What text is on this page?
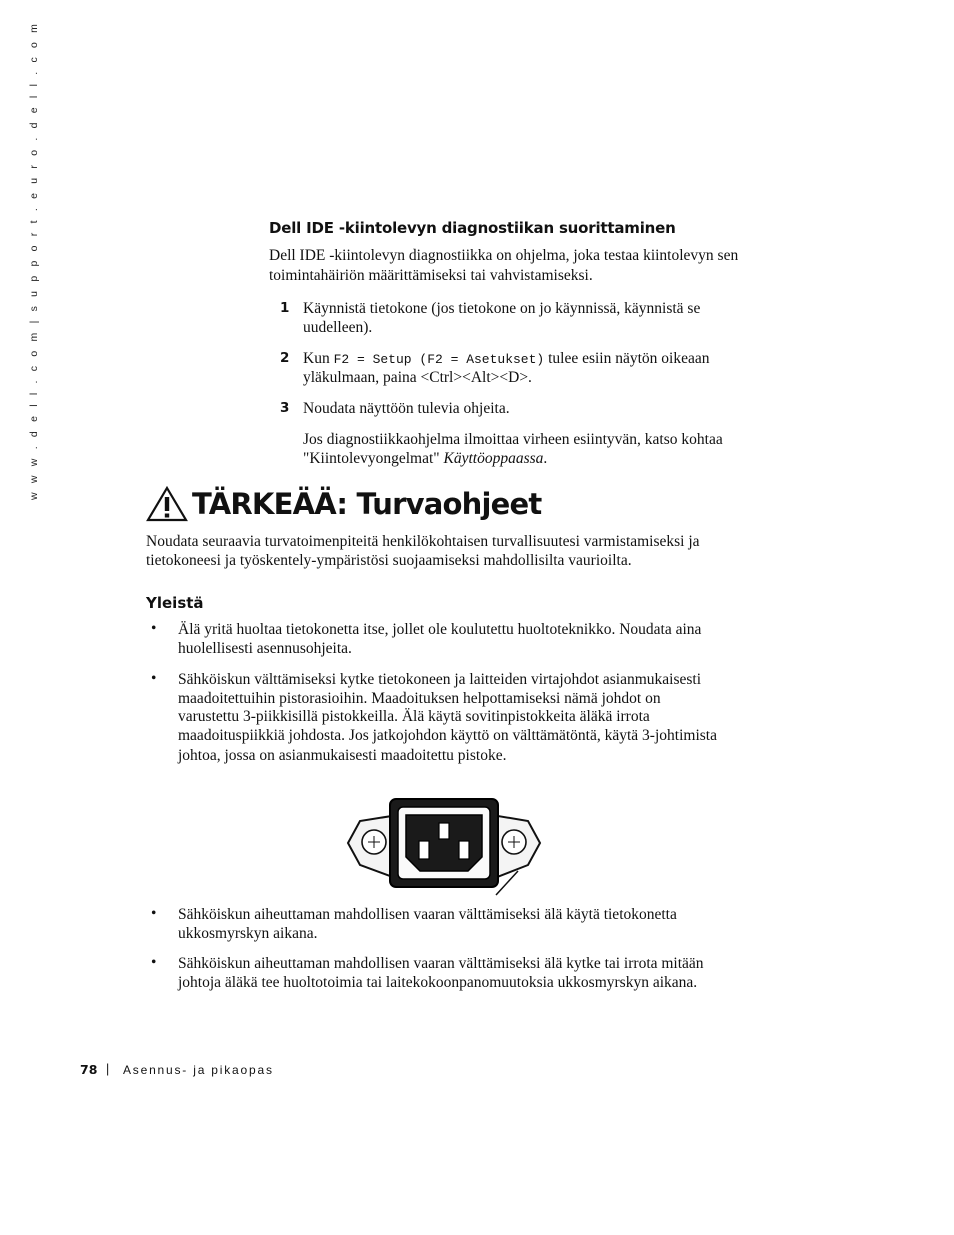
w w w . d e l l . c o m | s u p p o r t . e u r o . d e l l . c o m	Dell IDE -kiintolevyn diagnostiikan suorittaminen
Dell IDE -kiintolevyn diagnostiikka on ohjelma, joka testaa kiintolevyn sen
toimintahäiriön määrittämiseksi tai vahvistamiseksi.
1 Käynnistä tietokone (jos tietokone on jo käynnissä, käynnistä se
uudelleen).
2 Kun F2 = Setup (F2 = Asetukset) tulee esiin näytön oikeaan
yläkulmaan, paina <Ctrl><Alt><D>.
3 Noudata näyttöön tulevia ohjeita.
Jos diagnostiikkaohjelma ilmoittaa virheen esiintyvän, katso kohtaa
"Kiintolevyongelmat" Käyttöoppaassa.
TÄRKEÄÄ: Turvaohjeet
Noudata seuraavia turvatoimenpiteitä henkilökohtaisen turvallisuutesi varmistamiseksi ja
tietokoneesi ja työskentely-ympäristösi suojaamiseksi mahdollisilta vaurioilta.
Yleistä
• Älä yritä huoltaa tietokonetta itse, jollet ole koulutettu huoltoteknikko. Noudata aina
huolellisesti asennusohjeita.
• Sähköiskun välttämiseksi kytke tietokoneen ja laitteiden virtajohdot asianmukaisesti
maadoitettuihin pistorasioihin. Maadoituksen helpottamiseksi nämä johdot on
varustettu 3-piikkisillä pistokkeilla. Älä käytä sovitinpistokkeita äläkä irrota
maadoituspiikkiä johdosta. Jos jatkojohdon käyttö on välttämätöntä, käytä 3-johtimista
johtoa, jossa on asianmukaisesti maadoitettu pistoke.
• Sähköiskun aiheuttaman mahdollisen vaaran välttämiseksi älä käytä tietokonetta
ukkosmyrskyn aikana.
• Sähköiskun aiheuttaman mahdollisen vaaran välttämiseksi älä kytke tai irrota mitään
johtoja äläkä tee huoltotoimia tai laitekokoonpanomuutoksia ukkosmyrskyn aikana.
78 | Asennus- ja pikaopas
